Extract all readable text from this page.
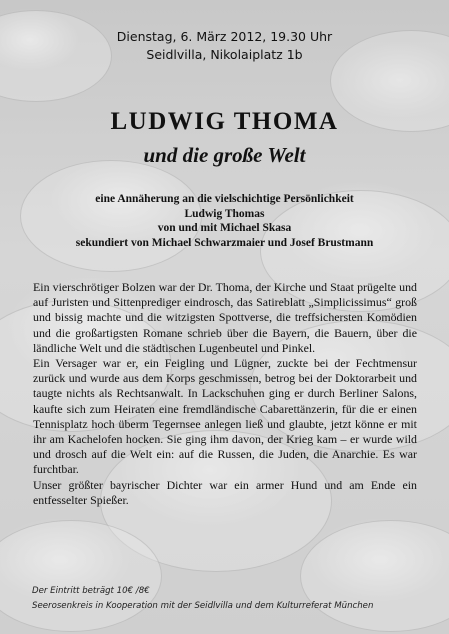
Dienstag, 6. März 2012, 19.30 Uhr
Seidlvilla, Nikolaiplatz 1b
LUDWIG THOMA
und die große Welt
eine Annäherung an die vielschichtige Persönlichkeit
Ludwig Thomas
von und mit Michael Skasa
sekundiert von Michael Schwarzmaier und Josef Brustmann

Ein vierschrötiger Bolzen war der Dr. Thoma, der Kirche und Staat prügelte und auf Juristen und Sittenprediger eindrosch, das Satireblatt „Simplicissimus“ groß und bissig machte und die witzigsten Spottverse, die treffsichersten Komödien und die großartigsten Romane schrieb über die Bayern, die Bauern, über die ländliche Welt und die städtischen Lugenbeutel und Pinkel.

Ein Versager war er, ein Feigling und Lügner, zuckte bei der Fechtmensur zurück und wurde aus dem Korps geschmissen, betrog bei der Doktorarbeit und taugte nichts als Rechtsanwalt. In Lackschuhen ging er durch Berliner Salons, kaufte sich zum Heiraten eine fremdländische Cabarettänzerin, für die er einen Tennisplatz hoch überm Tegernsee anlegen ließ und glaubte, jetzt könne er mit ihr am Kachelofen hocken. Sie ging ihm davon, der Krieg kam – er wurde wild und drosch auf die Welt ein: auf die Russen, die Juden, die Anarchie. Es war furchtbar.

Unser größter bayrischer Dichter war ein armer Hund und am Ende ein entfesselter Spießer.

Der Eintritt beträgt 10€ /8€
Seerosenkreis in Kooperation mit der Seidlvilla und dem Kulturreferat München
